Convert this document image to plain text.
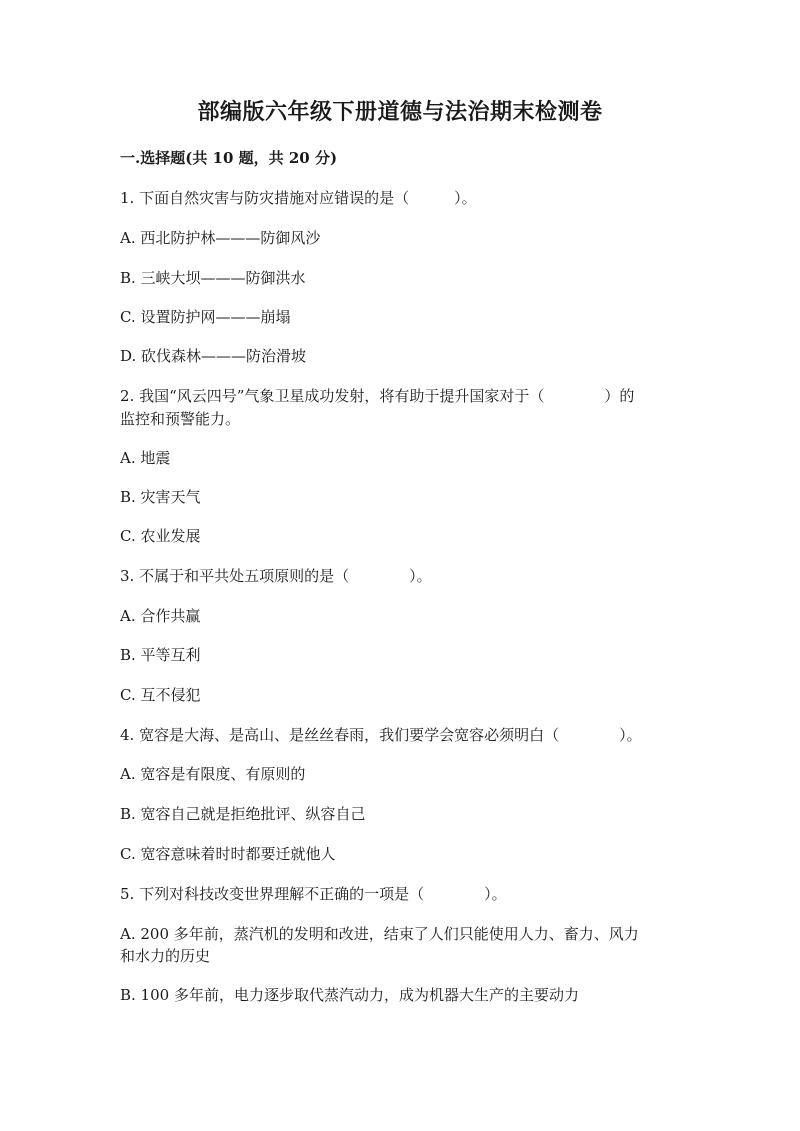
部编版六年级下册道德与法治期末检测卷
一.选择题(共 10 题，共 20 分)
1. 下面自然灾害与防灾措施对应错误的是（　　　）。
A. 西北防护林———防御风沙
B. 三峡大坝———防御洪水
C. 设置防护网———崩塌
D. 砍伐森林———防治滑坡
2. 我国“风云四号”气象卫星成功发射，将有助于提升国家对于（　　　　）的
监控和预警能力。
A. 地震
B. 灾害天气
C. 农业发展
3. 不属于和平共处五项原则的是（　　　　）。
A. 合作共赢
B. 平等互利
C. 互不侵犯
4. 宽容是大海、是高山、是丝丝春雨，我们要学会宽容必须明白（　　　　）。
A. 宽容是有限度、有原则的
B. 宽容自己就是拒绝批评、纵容自己
C. 宽容意味着时时都要迁就他人
5. 下列对科技改变世界理解不正确的一项是（　　　　）。
A. 200 多年前，蒸汽机的发明和改进，结束了人们只能使用人力、畜力、风力
和水力的历史
B. 100 多年前，电力逐步取代蒸汽动力，成为机器大生产的主要动力
